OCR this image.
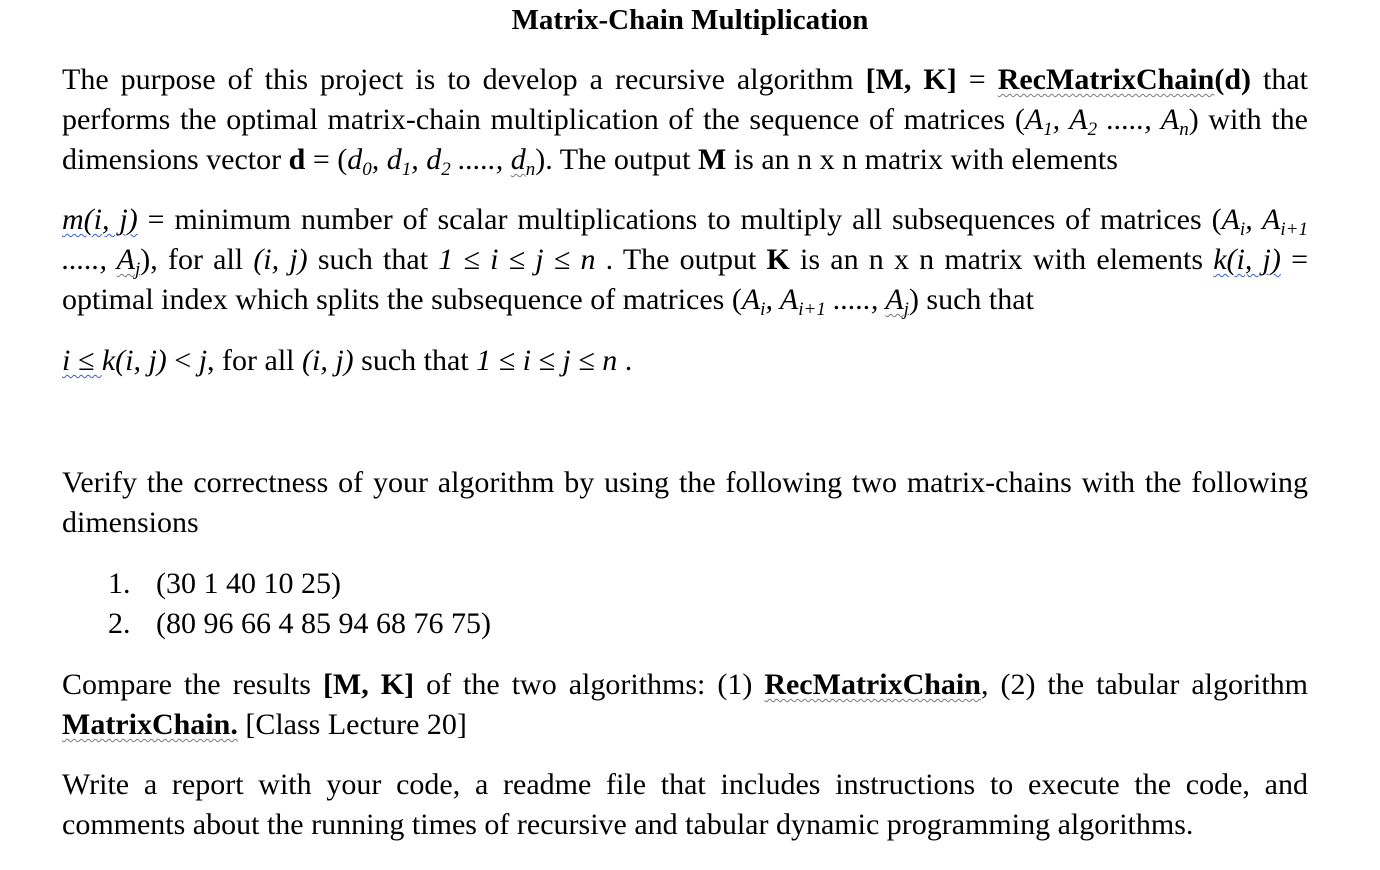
Matrix-Chain Multiplication
The purpose of this project is to develop a recursive algorithm [M, K] = RecMatrixChain(d) that performs the optimal matrix-chain multiplication of the sequence of matrices ($A_1$, $A_2$ ....., $A_n$) with the dimensions vector $d = (d_0$, $d_1$, $d_2$ ....., $d_n$). The output M is an n x n matrix with elements
m(i, j) = minimum number of scalar multiplications to multiply all subsequences of matrices ($A_i$, $A_{i+1}$ ....., $A_j$), for all (i, j) such that 1 ≤ i ≤ j ≤ n . The output K is an n x n matrix with elements k(i, j) = optimal index which splits the subsequence of matrices ($A_i$, $A_{i+1}$ ....., $A_j$) such that
i ≤ k(i, j) < j, for all (i, j) such that 1 ≤ i ≤ j ≤ n .
Verify the correctness of your algorithm by using the following two matrix-chains with the following dimensions
1. (30 1 40 10 25)
2. (80 96 66 4 85 94 68 76 75)
Compare the results [M, K] of the two algorithms: (1) RecMatrixChain, (2) the tabular algorithm MatrixChain. [Class Lecture 20]
Write a report with your code, a readme file that includes instructions to execute the code, and comments about the running times of recursive and tabular dynamic programming algorithms.
